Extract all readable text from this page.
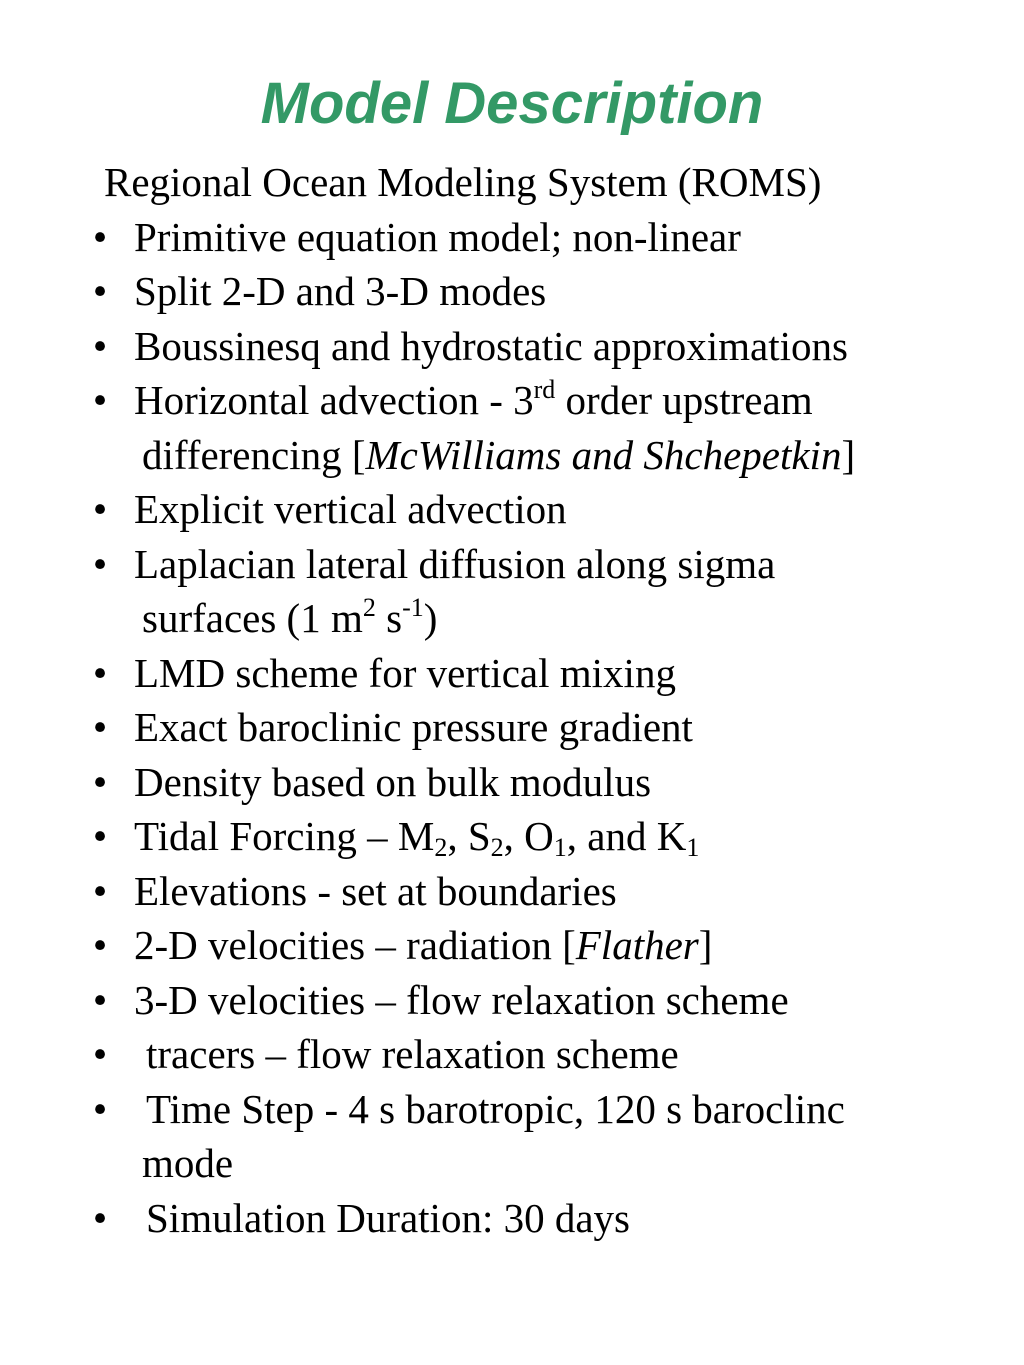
Model Description
Regional Ocean Modeling System (ROMS)
• Primitive equation model; non-linear
• Split 2-D and 3-D modes
• Boussinesq and hydrostatic approximations
• Horizontal advection - 3rd order upstream
differencing [McWilliams and Shchepetkin]
• Explicit vertical advection
• Laplacian lateral diffusion along sigma
surfaces (1 $m^2$ $s^{-1}$)
• LMD scheme for vertical mixing
• Exact baroclinic pressure gradient
• Density based on bulk modulus
• Tidal Forcing – $M_2$, $S_2$, $O_1$, and $K_1$
• Elevations - set at boundaries
• 2-D velocities – radiation [Flather]
• 3-D velocities – flow relaxation scheme
• tracers – flow relaxation scheme
• Time Step - 4 s barotropic, 120 s baroclinc
mode
• Simulation Duration: 30 days
